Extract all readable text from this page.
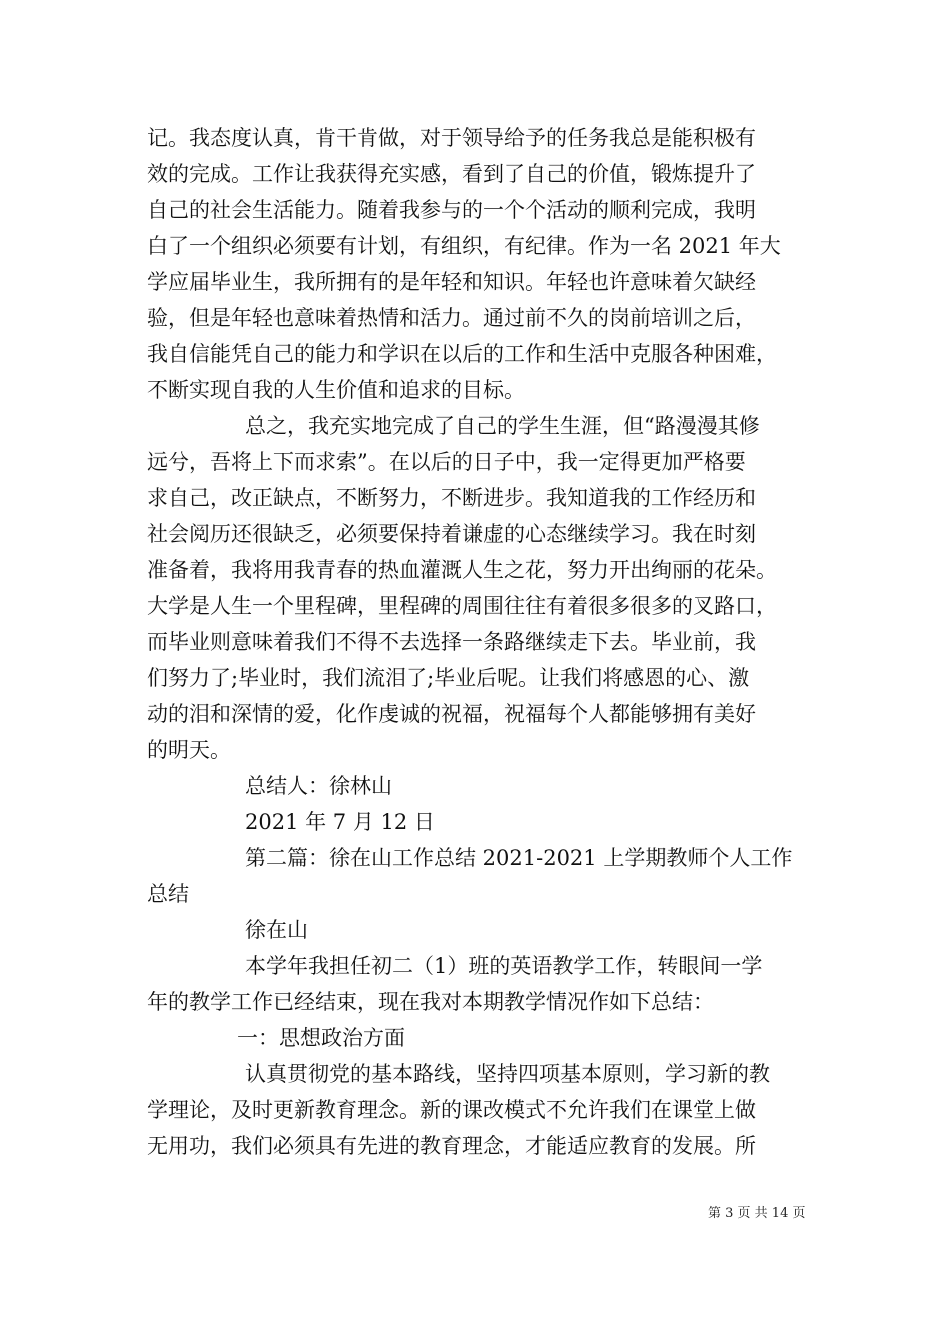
记。我态度认真，肯干肯做，对于领导给予的任务我总是能积极有
效的完成。工作让我获得充实感，看到了自己的价值，锻炼提升了
自己的社会生活能力。随着我参与的一个个活动的顺利完成，我明
白了一个组织必须要有计划，有组织，有纪律。作为一名 2021 年大
学应届毕业生，我所拥有的是年轻和知识。年轻也许意味着欠缺经
验，但是年轻也意味着热情和活力。通过前不久的岗前培训之后，
我自信能凭自己的能力和学识在以后的工作和生活中克服各种困难，
不断实现自我的人生价值和追求的目标。
总之，我充实地完成了自己的学生生涯，但“路漫漫其修
远兮，吾将上下而求索”。在以后的日子中，我一定得更加严格要
求自己，改正缺点，不断努力，不断进步。我知道我的工作经历和
社会阅历还很缺乏，必须要保持着谦虚的心态继续学习。我在时刻
准备着，我将用我青春的热血灌溉人生之花，努力开出绚丽的花朵。
大学是人生一个里程碑，里程碑的周围往往有着很多很多的叉路口，
而毕业则意味着我们不得不去选择一条路继续走下去。毕业前，我
们努力了;毕业时，我们流泪了;毕业后呢。让我们将感恩的心、激
动的泪和深情的爱，化作虔诚的祝福，祝福每个人都能够拥有美好
的明天。
总结人：徐林山
2021 年 7 月 12 日
第二篇：徐在山工作总结 2021-2021 上学期教师个人工作
总结
徐在山
本学年我担任初二（1）班的英语教学工作，转眼间一学
年的教学工作已经结束，现在我对本期教学情况作如下总结：
一：思想政治方面
认真贯彻党的基本路线，坚持四项基本原则，学习新的教
学理论，及时更新教育理念。新的课改模式不允许我们在课堂上做
无用功，我们必须具有先进的教育理念，才能适应教育的发展。所
第 3 页 共 14 页
